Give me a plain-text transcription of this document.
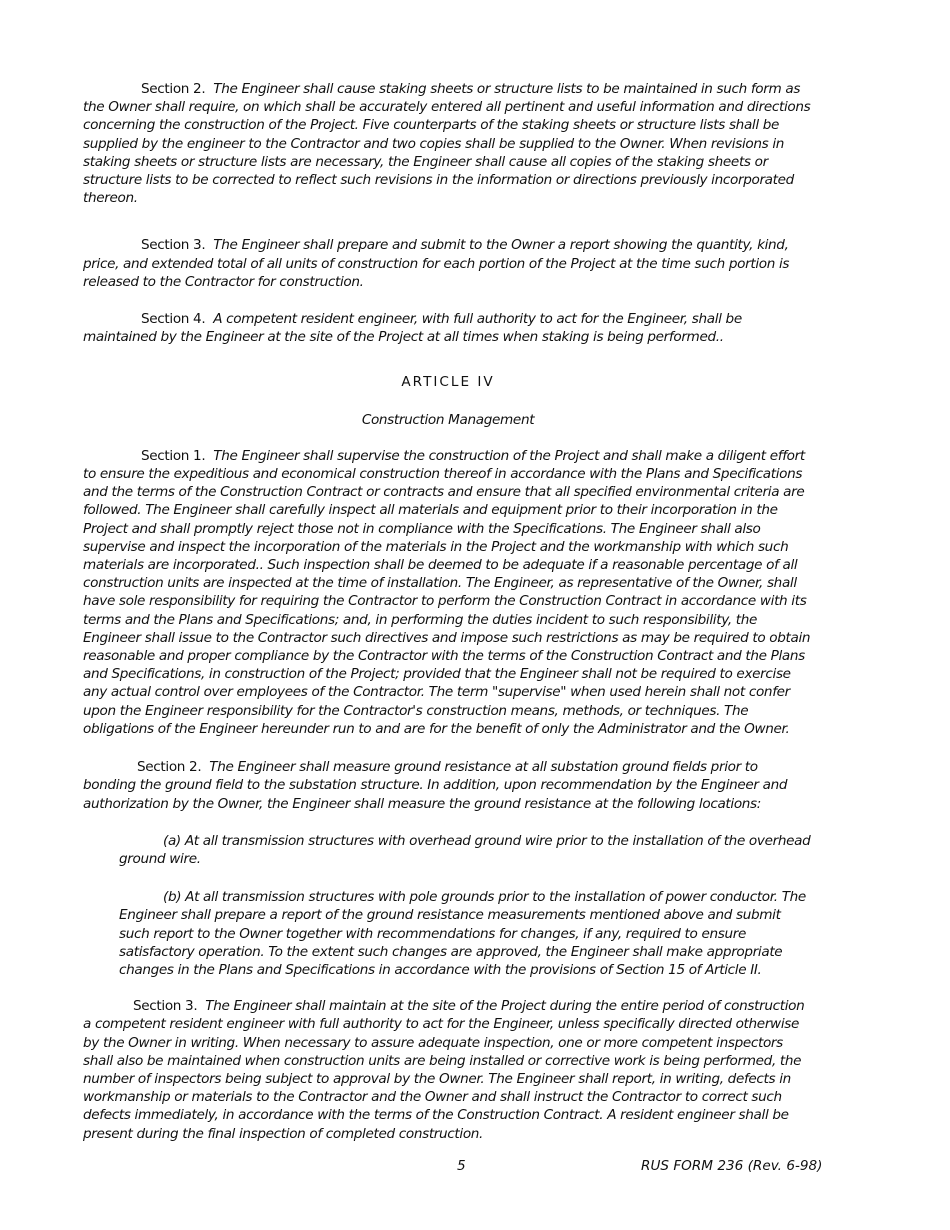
Section 2. The Engineer shall cause staking sheets or structure lists to be maintained in such form as the Owner shall require, on which shall be accurately entered all pertinent and useful information and directions concerning the construction of the Project. Five counterparts of the staking sheets or structure lists shall be supplied by the engineer to the Contractor and two copies shall be supplied to the Owner. When revisions in staking sheets or structure lists are necessary, the Engineer shall cause all copies of the staking sheets or structure lists to be corrected to reflect such revisions in the information or directions previously incorporated thereon.

Section 3. The Engineer shall prepare and submit to the Owner a report showing the quantity, kind, price, and extended total of all units of construction for each portion of the Project at the time such portion is released to the Contractor for construction.

Section 4. A competent resident engineer, with full authority to act for the Engineer, shall be maintained by the Engineer at the site of the Project at all times when staking is being performed..

ARTICLE IV

Construction Management

Section 1. The Engineer shall supervise the construction of the Project and shall make a diligent effort to ensure the expeditious and economical construction thereof in accordance with the Plans and Specifications and the terms of the Construction Contract or contracts and ensure that all specified environmental criteria are followed. The Engineer shall carefully inspect all materials and equipment prior to their incorporation in the Project and shall promptly reject those not in compliance with the Specifications. The Engineer shall also supervise and inspect the incorporation of the materials in the Project and the workmanship with which such materials are incorporated.. Such inspection shall be deemed to be adequate if a reasonable percentage of all construction units are inspected at the time of installation. The Engineer, as representative of the Owner, shall have sole responsibility for requiring the Contractor to perform the Construction Contract in accordance with its terms and the Plans and Specifications; and, in performing the duties incident to such responsibility, the Engineer shall issue to the Contractor such directives and impose such restrictions as may be required to obtain reasonable and proper compliance by the Contractor with the terms of the Construction Contract and the Plans and Specifications, in construction of the Project; provided that the Engineer shall not be required to exercise any actual control over employees of the Contractor. The term "supervise" when used herein shall not confer upon the Engineer responsibility for the Contractor's construction means, methods, or techniques. The obligations of the Engineer hereunder run to and are for the benefit of only the Administrator and the Owner.

Section 2. The Engineer shall measure ground resistance at all substation ground fields prior to bonding the ground field to the substation structure. In addition, upon recommendation by the Engineer and authorization by the Owner, the Engineer shall measure the ground resistance at the following locations:

(a) At all transmission structures with overhead ground wire prior to the installation of the overhead ground wire.

(b) At all transmission structures with pole grounds prior to the installation of power conductor. The Engineer shall prepare a report of the ground resistance measurements mentioned above and submit such report to the Owner together with recommendations for changes, if any, required to ensure satisfactory operation. To the extent such changes are approved, the Engineer shall make appropriate changes in the Plans and Specifications in accordance with the provisions of Section 15 of Article II.

Section 3. The Engineer shall maintain at the site of the Project during the entire period of construction a competent resident engineer with full authority to act for the Engineer, unless specifically directed otherwise by the Owner in writing. When necessary to assure adequate inspection, one or more competent inspectors shall also be maintained when construction units are being installed or corrective work is being performed, the number of inspectors being subject to approval by the Owner. The Engineer shall report, in writing, defects in workmanship or materials to the Contractor and the Owner and shall instruct the Contractor to correct such defects immediately, in accordance with the terms of the Construction Contract. A resident engineer shall be present during the final inspection of completed construction.

5	RUS FORM 236 (Rev. 6-98)
